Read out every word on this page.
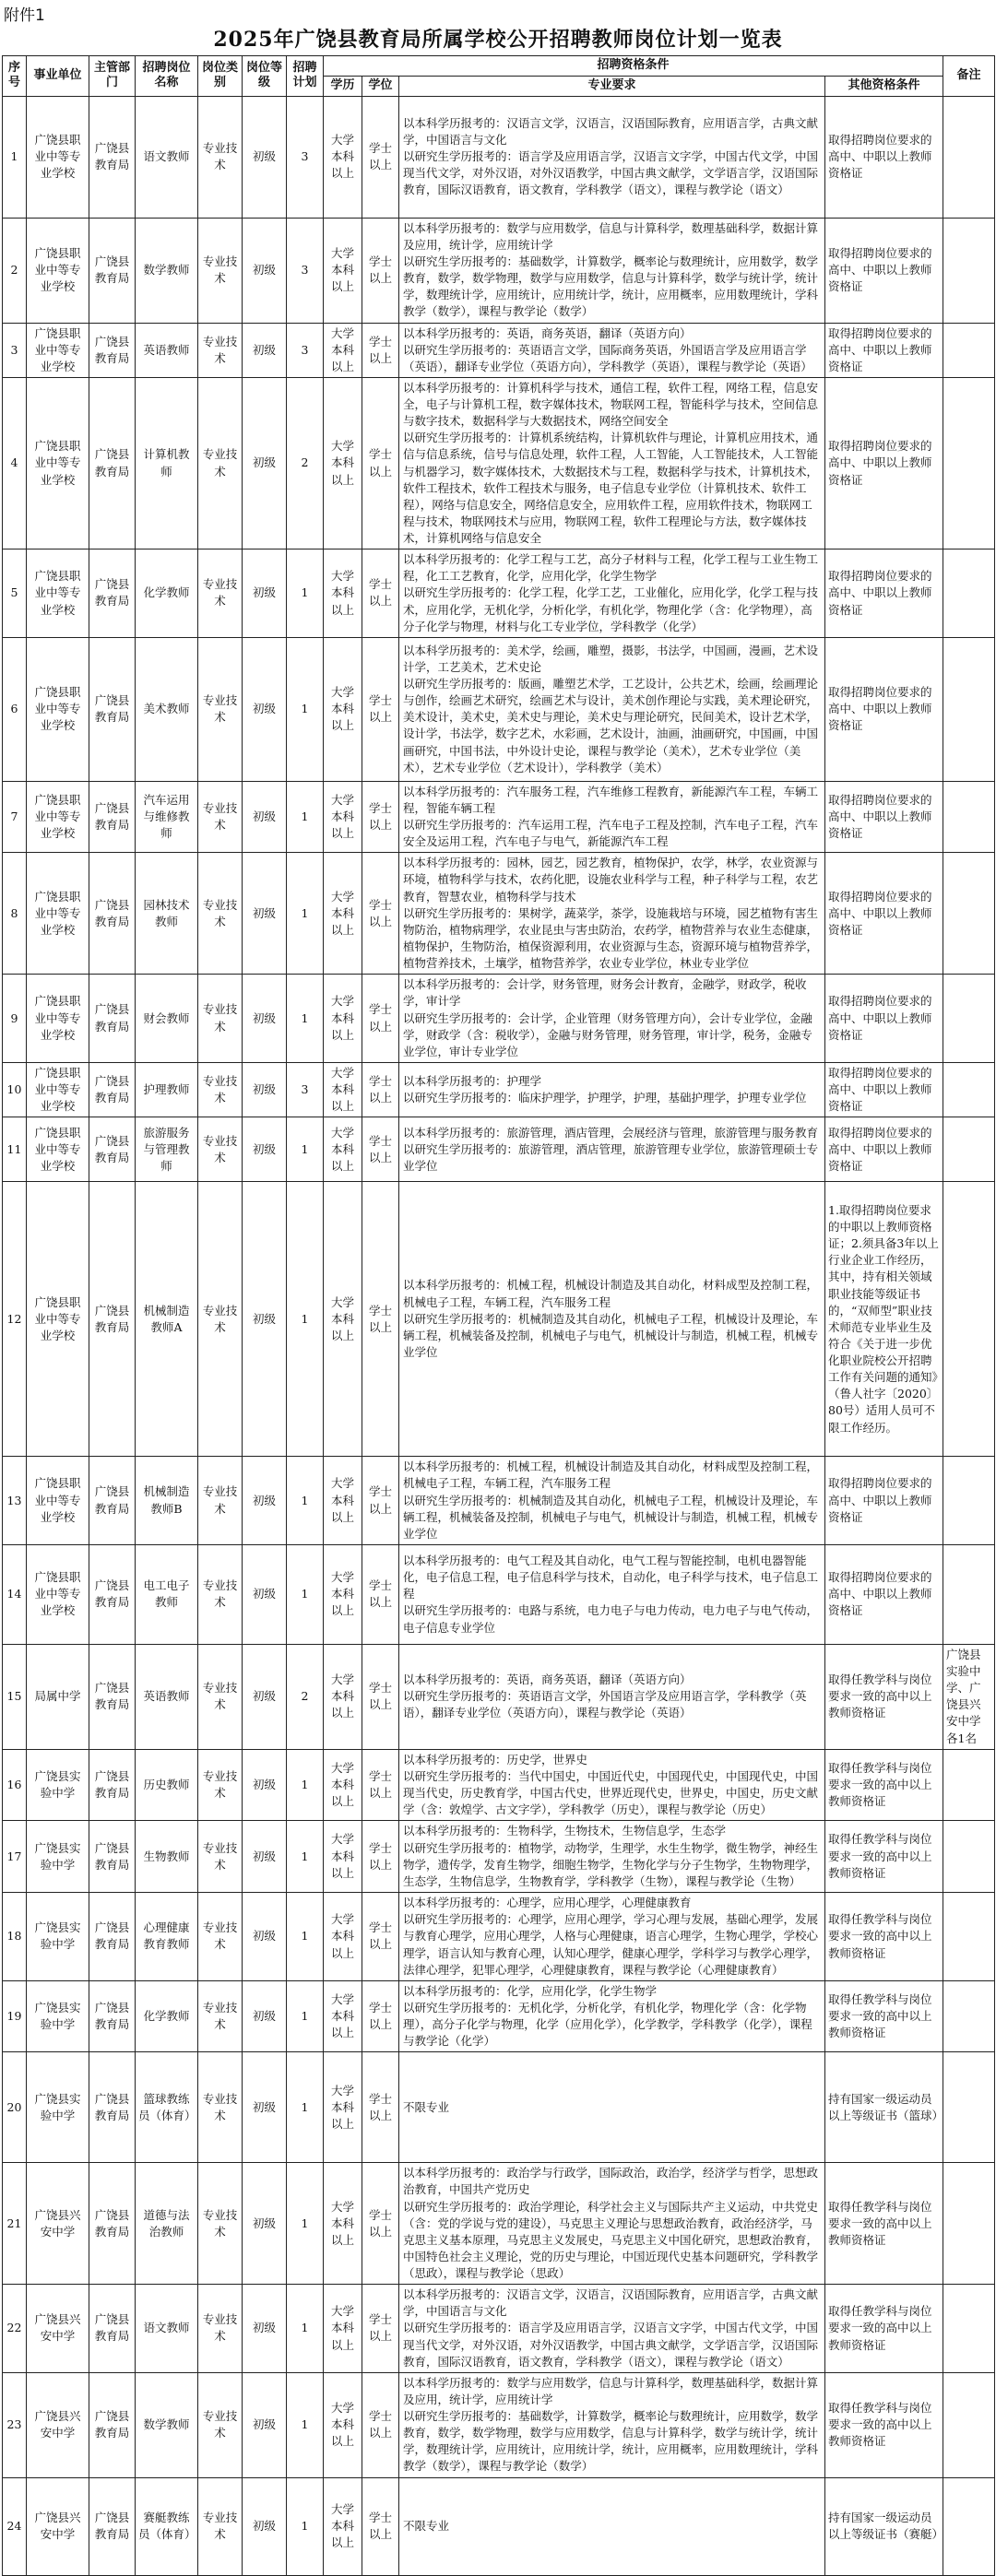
附件1
2025年广饶县教育局所属学校公开招聘教师岗位计划一览表
序号	事业单位	主管部门	招聘岗位名称	岗位类别	岗位等级	招聘计划	招聘资格条件				备注
							学历	学位	专业要求	其他资格条件	
1	广饶县职业中等专业学校	广饶县教育局	语文教师	专业技术	初级	3	大学本科以上	学士以上	以本科学历报考的：汉语言文学，汉语言，汉语国际教育，应用语言学，古典文献学，中国语言与文化
以研究生学历报考的：语言学及应用语言学，汉语言文字学，中国古代文学，中国现当代文学，对外汉语，对外汉语教学，中国古典文献学，文学语言学，汉语国际教育，国际汉语教育，语文教育，学科教学（语文），课程与教学论（语文）	取得招聘岗位要求的高中、中职以上教师资格证	
2	广饶县职业中等专业学校	广饶县教育局	数学教师	专业技术	初级	3	大学本科以上	学士以上	以本科学历报考的：数学与应用数学，信息与计算科学，数理基础科学，数据计算及应用，统计学，应用统计学
以研究生学历报考的：基础数学，计算数学，概率论与数理统计，应用数学，数学教育，数学，数学物理，数学与应用数学，信息与计算科学，数学与统计学，统计学，数理统计学，应用统计，应用统计学，统计，应用概率，应用数理统计，学科教学（数学），课程与教学论（数学）	取得招聘岗位要求的高中、中职以上教师资格证	
3	广饶县职业中等专业学校	广饶县教育局	英语教师	专业技术	初级	3	大学本科以上	学士以上	以本科学历报考的：英语，商务英语，翻译（英语方向）
以研究生学历报考的：英语语言文学，国际商务英语，外国语言学及应用语言学（英语），翻译专业学位（英语方向），学科教学（英语），课程与教学论（英语）	取得招聘岗位要求的高中、中职以上教师资格证	
4	广饶县职业中等专业学校	广饶县教育局	计算机教师	专业技术	初级	2	大学本科以上	学士以上	以本科学历报考的：计算机科学与技术，通信工程，软件工程，网络工程，信息安全，电子与计算机工程，数字媒体技术，物联网工程，智能科学与技术，空间信息与数字技术，数据科学与大数据技术，网络空间安全
以研究生学历报考的：计算机系统结构，计算机软件与理论，计算机应用技术，通信与信息系统，信号与信息处理，软件工程，人工智能，人工智能技术，人工智能与机器学习，数字媒体技术，大数据技术与工程，数据科学与技术，计算机技术，软件工程技术，软件工程技术与服务，电子信息专业学位（计算机技术、软件工程），网络与信息安全，网络信息安全，应用软件工程，应用软件技术，物联网工程与技术，物联网技术与应用，物联网工程，软件工程理论与方法，数字媒体技术，计算机网络与信息安全	取得招聘岗位要求的高中、中职以上教师资格证	
5	广饶县职业中等专业学校	广饶县教育局	化学教师	专业技术	初级	1	大学本科以上	学士以上	以本科学历报考的：化学工程与工艺，高分子材料与工程，化学工程与工业生物工程，化工工艺教育，化学，应用化学，化学生物学
以研究生学历报考的：化学工程，化学工艺，工业催化，应用化学，化学工程与技术，应用化学，无机化学，分析化学，有机化学，物理化学（含：化学物理），高分子化学与物理，材料与化工专业学位，学科教学（化学）	取得招聘岗位要求的高中、中职以上教师资格证	
6	广饶县职业中等专业学校	广饶县教育局	美术教师	专业技术	初级	1	大学本科以上	学士以上	以本科学历报考的：美术学，绘画，雕塑，摄影，书法学，中国画，漫画，艺术设计学，工艺美术，艺术史论
以研究生学历报考的：版画，雕塑艺术学，工艺设计，公共艺术，绘画，绘画理论与创作，绘画艺术研究，绘画艺术与设计，美术创作理论与实践，美术理论研究，美术设计，美术史，美术史与理论，美术史与理论研究，民间美术，设计艺术学，设计学，书法学，数字艺术，水彩画，艺术设计，油画，油画研究，中国画，中国画研究，中国书法，中外设计史论，课程与教学论（美术），艺术专业学位（美术），艺术专业学位（艺术设计），学科教学（美术）	取得招聘岗位要求的高中、中职以上教师资格证	
7	广饶县职业中等专业学校	广饶县教育局	汽车运用与维修教师	专业技术	初级	1	大学本科以上	学士以上	以本科学历报考的：汽车服务工程，汽车维修工程教育，新能源汽车工程，车辆工程，智能车辆工程
以研究生学历报考的：汽车运用工程，汽车电子工程及控制，汽车电子工程，汽车安全及运用工程，汽车电子与电气，新能源汽车工程	取得招聘岗位要求的高中、中职以上教师资格证	
8	广饶县职业中等专业学校	广饶县教育局	园林技术教师	专业技术	初级	1	大学本科以上	学士以上	以本科学历报考的：园林，园艺，园艺教育，植物保护，农学，林学，农业资源与环境，植物科学与技术，农药化肥，设施农业科学与工程，种子科学与工程，农艺教育，智慧农业，植物科学与技术
以研究生学历报考的：果树学，蔬菜学，茶学，设施栽培与环境，园艺植物有害生物防治，植物病理学，农业昆虫与害虫防治，农药学，植物营养与农业生态健康，植物保护，生物防治，植保资源利用，农业资源与生态，资源环境与植物营养学，植物营养技术，土壤学，植物营养学，农业专业学位，林业专业学位	取得招聘岗位要求的高中、中职以上教师资格证	
9	广饶县职业中等专业学校	广饶县教育局	财会教师	专业技术	初级	1	大学本科以上	学士以上	以本科学历报考的：会计学，财务管理，财务会计教育，金融学，财政学，税收学，审计学
以研究生学历报考的：会计学，企业管理（财务管理方向），会计专业学位，金融学，财政学（含：税收学），金融与财务管理，财务管理，审计学，税务，金融专业学位，审计专业学位	取得招聘岗位要求的高中、中职以上教师资格证	
10	广饶县职业中等专业学校	广饶县教育局	护理教师	专业技术	初级	3	大学本科以上	学士以上	以本科学历报考的：护理学
以研究生学历报考的：临床护理学，护理学，护理，基础护理学，护理专业学位	取得招聘岗位要求的高中、中职以上教师资格证	
11	广饶县职业中等专业学校	广饶县教育局	旅游服务与管理教师	专业技术	初级	1	大学本科以上	学士以上	以本科学历报考的：旅游管理，酒店管理，会展经济与管理，旅游管理与服务教育
以研究生学历报考的：旅游管理，酒店管理，旅游管理专业学位，旅游管理硕士专业学位	取得招聘岗位要求的高中、中职以上教师资格证	
12	广饶县职业中等专业学校	广饶县教育局	机械制造教师A	专业技术	初级	1	大学本科以上	学士以上	以本科学历报考的：机械工程，机械设计制造及其自动化，材料成型及控制工程，机械电子工程，车辆工程，汽车服务工程
以研究生学历报考的：机械制造及其自动化，机械电子工程，机械设计及理论，车辆工程，机械装备及控制，机械电子与电气，机械设计与制造，机械工程，机械专业学位	1.取得招聘岗位要求的中职以上教师资格证；2.须具备3年以上行业企业工作经历，其中，持有相关领域职业技能等级证书的，“双师型”职业技术师范专业毕业生及符合《关于进一步优化职业院校公开招聘工作有关问题的通知》（鲁人社字〔2020〕80号）适用人员可不限工作经历。	
13	广饶县职业中等专业学校	广饶县教育局	机械制造教师B	专业技术	初级	1	大学本科以上	学士以上	以本科学历报考的：机械工程，机械设计制造及其自动化，材料成型及控制工程，机械电子工程，车辆工程，汽车服务工程
以研究生学历报考的：机械制造及其自动化，机械电子工程，机械设计及理论，车辆工程，机械装备及控制，机械电子与电气，机械设计与制造，机械工程，机械专业学位	取得招聘岗位要求的高中、中职以上教师资格证	
14	广饶县职业中等专业学校	广饶县教育局	电工电子教师	专业技术	初级	1	大学本科以上	学士以上	以本科学历报考的：电气工程及其自动化，电气工程与智能控制，电机电器智能化，电子信息工程，电子信息科学与技术，自动化，电子科学与技术，电子信息工程
以研究生学历报考的：电路与系统，电力电子与电力传动，电力电子与电气传动，电子信息专业学位	取得招聘岗位要求的高中、中职以上教师资格证	
15	局属中学	广饶县教育局	英语教师	专业技术	初级	2	大学本科以上	学士以上	以本科学历报考的：英语，商务英语，翻译（英语方向）
以研究生学历报考的：英语语言文学，外国语言学及应用语言学，学科教学（英语），翻译专业学位（英语方向），课程与教学论（英语）	取得任教学科与岗位要求一致的高中以上教师资格证	广饶县实验中学、广饶县兴安中学各1名
16	广饶县实验中学	广饶县教育局	历史教师	专业技术	初级	1	大学本科以上	学士以上	以本科学历报考的：历史学，世界史
以研究生学历报考的：当代中国史，中国近代史，中国现代史，中国现代史，中国现当代史，历史教育学，中国古代史，世界近现代史，世界史，中国史，历史文献学（含：敦煌学、古文字学），学科教学（历史），课程与教学论（历史）	取得任教学科与岗位要求一致的高中以上教师资格证	
17	广饶县实验中学	广饶县教育局	生物教师	专业技术	初级	1	大学本科以上	学士以上	以本科学历报考的：生物科学，生物技术，生物信息学，生态学
以研究生学历报考的：植物学，动物学，生理学，水生生物学，微生物学，神经生物学，遗传学，发育生物学，细胞生物学，生物化学与分子生物学，生物物理学，生态学，生物信息学，生物教育学，学科教学（生物），课程与教学论（生物）	取得任教学科与岗位要求一致的高中以上教师资格证	
18	广饶县实验中学	广饶县教育局	心理健康教育教师	专业技术	初级	1	大学本科以上	学士以上	以本科学历报考的：心理学，应用心理学，心理健康教育
以研究生学历报考的：心理学，应用心理学，学习心理与发展，基础心理学，发展与教育心理学，应用心理学，人格与心理健康，语言心理学，生物心理学，学校心理学，语言认知与教育心理，认知心理学，健康心理学，学科学习与教学心理学，法律心理学，犯罪心理学，心理健康教育，课程与教学论（心理健康教育）	取得任教学科与岗位要求一致的高中以上教师资格证	
19	广饶县实验中学	广饶县教育局	化学教师	专业技术	初级	1	大学本科以上	学士以上	以本科学历报考的：化学，应用化学，化学生物学
以研究生学历报考的：无机化学，分析化学，有机化学，物理化学（含：化学物理），高分子化学与物理，化学（应用化学），化学教学，学科教学（化学），课程与教学论（化学）	取得任教学科与岗位要求一致的高中以上教师资格证	
20	广饶县实验中学	广饶县教育局	篮球教练员（体育）	专业技术	初级	1	大学本科以上	学士以上	不限专业	持有国家一级运动员以上等级证书（篮球）	
21	广饶县兴安中学	广饶县教育局	道德与法治教师	专业技术	初级	1	大学本科以上	学士以上	以本科学历报考的：政治学与行政学，国际政治，政治学，经济学与哲学，思想政治教育，中国共产党历史
以研究生学历报考的：政治学理论，科学社会主义与国际共产主义运动，中共党史（含：党的学说与党的建设），马克思主义理论与思想政治教育，政治经济学，马克思主义基本原理，马克思主义发展史，马克思主义中国化研究，思想政治教育，中国特色社会主义理论，党的历史与理论，中国近现代史基本问题研究，学科教学（思政），课程与教学论（思政）	取得任教学科与岗位要求一致的高中以上教师资格证	
22	广饶县兴安中学	广饶县教育局	语文教师	专业技术	初级	1	大学本科以上	学士以上	以本科学历报考的：汉语言文学，汉语言，汉语国际教育，应用语言学，古典文献学，中国语言与文化
以研究生学历报考的：语言学及应用语言学，汉语言文字学，中国古代文学，中国现当代文学，对外汉语，对外汉语教学，中国古典文献学，文学语言学，汉语国际教育，国际汉语教育，语文教育，学科教学（语文），课程与教学论（语文）	取得任教学科与岗位要求一致的高中以上教师资格证	
23	广饶县兴安中学	广饶县教育局	数学教师	专业技术	初级	1	大学本科以上	学士以上	以本科学历报考的：数学与应用数学，信息与计算科学，数理基础科学，数据计算及应用，统计学，应用统计学
以研究生学历报考的：基础数学，计算数学，概率论与数理统计，应用数学，数学教育，数学，数学物理，数学与应用数学，信息与计算科学，数学与统计学，统计学，数理统计学，应用统计，应用统计学，统计，应用概率，应用数理统计，学科教学（数学），课程与教学论（数学）	取得任教学科与岗位要求一致的高中以上教师资格证	
24	广饶县兴安中学	广饶县教育局	赛艇教练员（体育）	专业技术	初级	1	大学本科以上	学士以上	不限专业	持有国家一级运动员以上等级证书（赛艇）	
